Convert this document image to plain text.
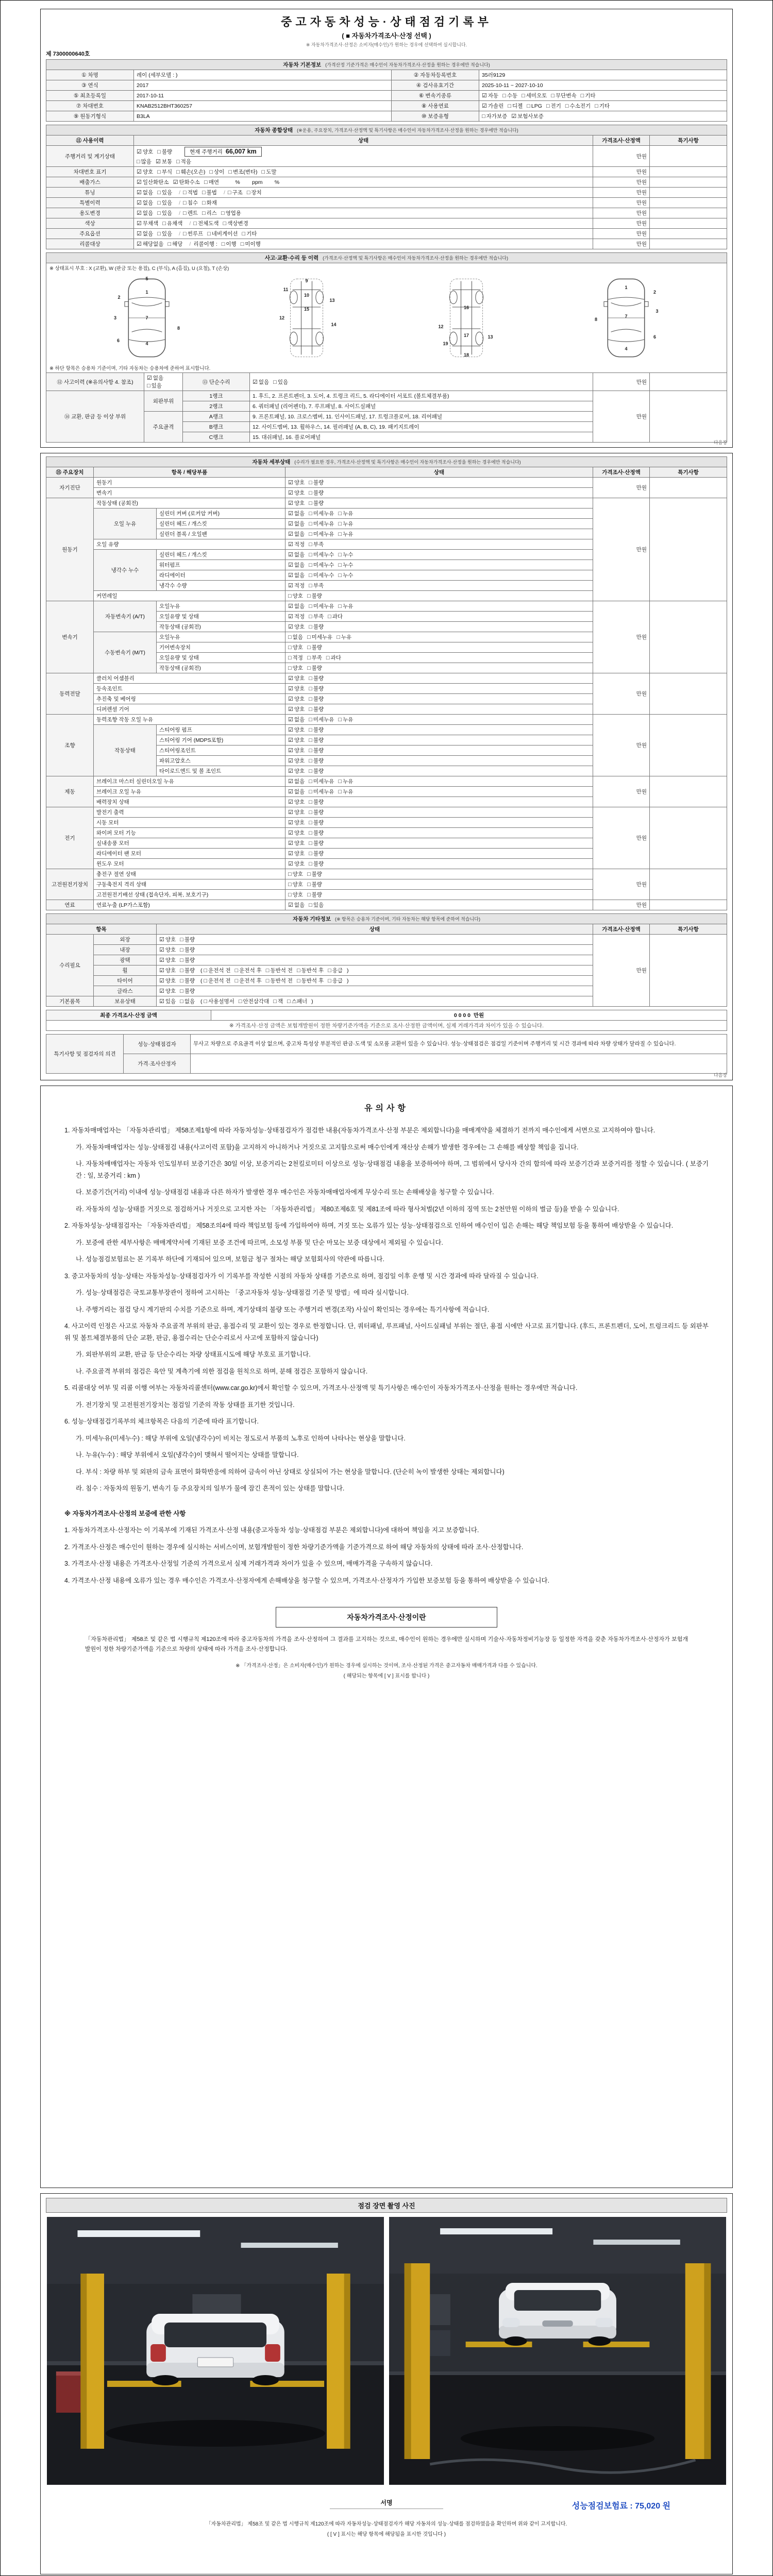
중고자동차성능·상태점검기록부
( ■ 자동차가격조사·산정 선택 )
※ 자동차가격조사·산정은 소비자(매수인)가 원하는 경우에 선택하여 실시합니다.
제 7300000640호
자동차 기본정보 (가격산정 기준가격은 매수인이 자동차가격조사·산정을 원하는 경우에만 적습니다)			
① 차명	레이 (세부모델 : )	② 자동차등록번호	35러9129
③ 연식	2017	④ 검사유효기간	2025-10-11 ~ 2027-10-10
⑤ 최초등록일	2017-10-11	⑥ 변속기종류	☑ 자동 □ 수동 □ 세미오토 □ 무단변속 □ 기타
⑦ 차대번호	KNAB2512BHT360257	⑧ 사용연료	☑ 가솔린 □ 디젤 □ LPG □ 전기 □ 수소전기 □ 기타
⑨ 원동기형식	B3LA	⑩ 보증유형	□ 자가보증 ☑ 보험사보증
자동차 종합상태 (※운용, 주요장치, 가격조사·산정액 및 특기사항은 매수인이 자동차가격조사·산정을 원하는 경우에만 적습니다)			
⑪ 사용이력	상태	가격조사·산정액	특기사항
주행거리 및 계기상태	☑ 양호 □ 불량 현재 주행거리 66,007 km
□ 많음 ☑ 보통 □ 적음	만원	
차대번호 표기	☑ 양호 □ 부식 □ 훼손(오손) □ 상이 □ 변조(변타) □ 도말	만원	
배출가스	☑ 일산화탄소 ☑ 탄화수소 □ 매연        %        ppm        %	만원	
튜닝	☑ 없음 □ 있음 / □ 적법 □ 불법 / □ 구조 □ 장치	만원	
특별이력	☑ 없음 □ 있음 / □ 침수 □ 화재	만원	
용도변경	☑ 없음 □ 있음 / □ 렌트 □ 리스 □ 영업용	만원	
색상	☑ 무채색 □ 유채색 / □ 전체도색 □ 색상변경	만원	
주요옵션	☑ 없음 □ 있음 / □ 썬루프 □ 네비게이션 □ 기타	만원	
리콜대상	☑ 해당없음 □ 해당 / 리콜이행 : □ 이행 □ 미이행	만원	
사고·교환·수리 등 이력 (가격조사·산정액 및 특기사항은 매수인이 자동차가격조사·산정을 원하는 경우에만 적습니다)					

※ 상태표시 부호 : X (교환), W (판금 또는 용접), C (부식), A (흠집), U (요철), T (손상)
1
2
3	7
6
4
5
8
9
10
11
12
13
14
15	16
17
18
19
13
12
4
6
7
3
2
1
8
※ 하단 항목은 승용차 기준이며, 기타 자동차는 승용차에 준하여 표시합니다.

⑫ 사고이력 (※유의사항 4. 참조)	☑ 없음□ 있음	⑬ 단순수리	☑ 없음 □ 있음	만원	
⑭ 교환, 판금 등 이상 부위	외판부위	1랭크	1. 후드, 2. 프론트펜더, 3. 도어, 4. 트렁크 리드, 5. 라디에이터 서포트 (볼트체결부품)	만원	
		2랭크	6. 쿼터패널 (리어펜더), 7. 루프패널, 8. 사이드실패널		
	주요골격	A랭크	9. 프론트패널, 10. 크로스멤버, 11. 인사이드패널, 17. 트렁크플로어, 18. 리어패널		
		B랭크	12. 사이드멤버, 13. 휠하우스, 14. 필러패널 (A, B, C), 19. 패키지트레이		
		C랭크	15. 대쉬패널, 16. 플로어패널		
다음장
자동차 세부상태 (수리가 필요한 경우, 가격조사·산정액 및 특기사항은 매수인이 자동차가격조사·산정을 원하는 경우에만 적습니다)					
⑮ 주요장치	항목 / 해당부품		상태	가격조사·산정액	특기사항
자기진단	원동기		☑ 양호 □ 불량	만원	
	변속기		☑ 양호 □ 불량		
원동기	작동상태 (공회전)		☑ 양호 □ 불량	만원	
	오일 누유	실린더 커버 (로커암 커버)	☑ 없음 □ 미세누유 □ 누유		
		실린더 헤드 / 개스킷	☑ 없음 □ 미세누유 □ 누유		
		실린더 블록 / 오일팬	☑ 없음 □ 미세누유 □ 누유		
	오일 유량		☑ 적정 □ 부족		
	냉각수 누수	실린더 헤드 / 개스킷	☑ 없음 □ 미세누수 □ 누수		
		워터펌프	☑ 없음 □ 미세누수 □ 누수		
		라디에이터	☑ 없음 □ 미세누수 □ 누수		
		냉각수 수량	☑ 적정 □ 부족		
	커먼레일		□ 양호 □ 불량		
변속기	자동변속기 (A/T)	오일누유	☑ 없음 □ 미세누유 □ 누유	만원	
		오일유량 및 상태	☑ 적정 □ 부족 □ 과다		
		작동상태 (공회전)	☑ 양호 □ 불량		
	수동변속기 (M/T)	오일누유	□ 없음 □ 미세누유 □ 누유		
		기어변속장치	□ 양호 □ 불량		
		오일유량 및 상태	□ 적정 □ 부족 □ 과다		
		작동상태 (공회전)	□ 양호 □ 불량		
동력전달	클러치 어셈블리		☑ 양호 □ 불량	만원	
	등속조인트		☑ 양호 □ 불량		
	추진축 및 베어링		☑ 양호 □ 불량		
	디퍼렌셜 기어		☑ 양호 □ 불량		
조향	동력조향 작동 오일 누유		☑ 없음 □ 미세누유 □ 누유	만원	
	작동상태	스티어링 펌프	☑ 양호 □ 불량		
		스티어링 기어 (MDPS포함)	☑ 양호 □ 불량		
		스티어링조인트	☑ 양호 □ 불량		
		파워고압호스	☑ 양호 □ 불량		
		타이로드엔드 및 볼 조인트	☑ 양호 □ 불량		
제동	브레이크 마스터 실린더오일 누유		☑ 없음 □ 미세누유 □ 누유	만원	
	브레이크 오일 누유		☑ 없음 □ 미세누유 □ 누유		
	배력장치 상태		☑ 양호 □ 불량		
전기	발전기 출력		☑ 양호 □ 불량	만원	
	시동 모터		☑ 양호 □ 불량		
	와이퍼 모터 기능		☑ 양호 □ 불량		
	실내송풍 모터		☑ 양호 □ 불량		
	라디에이터 팬 모터		☑ 양호 □ 불량		
	윈도우 모터		☑ 양호 □ 불량		
고전원전기장치	충전구 절연 상태		□ 양호 □ 불량	만원	
	구동축전지 격리 상태		□ 양호 □ 불량		
	고전원전기배선 상태 (접속단자, 피복, 보호기구)		□ 양호 □ 불량		
연료	연료누출 (LP가스포함)		☑ 없음 □ 있음	만원	
자동차 기타정보 (※ 항목은 승용차 기준이며, 기타 자동차는 해당 항목에 준하여 적습니다)				
항목		상태	가격조사·산정액	특기사항
수리필요	외장	☑ 양호 □ 불량	만원	
	내장	☑ 양호 □ 불량		
	광택	☑ 양호 □ 불량		
	휠	☑ 양호 □ 불량 ( □ 운전석 전 □ 운전석 후 □ 동반석 전 □ 동반석 후 □ 응급 )		
	타이어	☑ 양호 □ 불량 ( □ 운전석 전 □ 운전석 후 □ 동반석 전 □ 동반석 후 □ 응급 )		
	글라스	☑ 양호 □ 불량		
기본품목	보유상태	☑ 있음 □ 없음 ( □ 사용설명서 □ 안전삼각대 □ 잭 □ 스패너 )		
최종 가격조사·산정 금액	0 0 0 0  만원
※ 가격조사·산정 금액은 보험개발원이 정한 차량기준가액을 기준으로 조사·산정한 금액이며, 실제 거래가격과 차이가 있을 수 있습니다.
특기사항 및 점검자의 의견	성능·상태점검자	무사고 차량으로 주요골격 이상 없으며, 중고차 특성상 부분적인 판금·도색 및 소모품 교환이 있을 수 있습니다. 성능·상태점검은 점검일 기준이며 주행거리 및 시간 경과에 따라 차량 상태가 달라질 수 있습니다.
	가격·조사산정자	
다음장
유의사항
1. 자동차매매업자는 「자동차관리법」 제58조제1항에 따라 자동차성능·상태점검자가 점검한 내용(자동차가격조사·산정 부분은 제외합니다)을 매매계약을 체결하기 전까지 매수인에게 서면으로 고지하여야 합니다.
가. 자동차매매업자는 성능·상태점검 내용(사고이력 포함)을 고지하지 아니하거나 거짓으로 고지함으로써 매수인에게 재산상 손해가 발생한 경우에는 그 손해를 배상할 책임을 집니다.
나. 자동차매매업자는 자동차 인도일부터 보증기간은 30일 이상, 보증거리는 2천킬로미터 이상으로 성능·상태점검 내용을 보증하여야 하며, 그 범위에서 당사자 간의 합의에 따라 보증기간과 보증거리를 정할 수 있습니다. ( 보증기간 : 일, 보증거리 : km )
다. 보증기간(거리) 이내에 성능·상태점검 내용과 다른 하자가 발생한 경우 매수인은 자동차매매업자에게 무상수리 또는 손해배상을 청구할 수 있습니다.
라. 자동차의 성능·상태를 거짓으로 점검하거나 거짓으로 고지한 자는 「자동차관리법」 제80조제6호 및 제81조에 따라 형사처벌(2년 이하의 징역 또는 2천만원 이하의 벌금 등)을 받을 수 있습니다.
2. 자동차성능·상태점검자는 「자동차관리법」 제58조의4에 따라 책임보험 등에 가입하여야 하며, 거짓 또는 오류가 있는 성능·상태점검으로 인하여 매수인이 입은 손해는 해당 책임보험 등을 통하여 배상받을 수 있습니다.
가. 보증에 관한 세부사항은 매매계약서에 기재된 보증 조건에 따르며, 소모성 부품 및 단순 마모는 보증 대상에서 제외될 수 있습니다.
나. 성능점검보험료는 본 기록부 하단에 기재되어 있으며, 보험금 청구 절차는 해당 보험회사의 약관에 따릅니다.
3. 중고자동차의 성능·상태는 자동차성능·상태점검자가 이 기록부를 작성한 시점의 자동차 상태를 기준으로 하며, 점검일 이후 운행 및 시간 경과에 따라 달라질 수 있습니다.
가. 성능·상태점검은 국토교통부장관이 정하여 고시하는 「중고자동차 성능·상태점검 기준 및 방법」에 따라 실시합니다.
나. 주행거리는 점검 당시 계기판의 수치를 기준으로 하며, 계기상태의 불량 또는 주행거리 변경(조작) 사실이 확인되는 경우에는 특기사항에 적습니다.
4. 사고이력 인정은 사고로 자동차 주요골격 부위의 판금, 용접수리 및 교환이 있는 경우로 한정합니다. 단, 쿼터패널, 루프패널, 사이드실패널 부위는 절단, 용접 시에만 사고로 표기합니다. (후드, 프론트펜더, 도어, 트렁크리드 등 외판부위 및 볼트체결부품의 단순 교환, 판금, 용접수리는 단순수리로서 사고에 포함하지 않습니다)
가. 외판부위의 교환, 판금 등 단순수리는 차량 상태표시도에 해당 부호로 표기합니다.
나. 주요골격 부위의 점검은 육안 및 계측기에 의한 점검을 원칙으로 하며, 분해 점검은 포함하지 않습니다.
5. 리콜대상 여부 및 리콜 이행 여부는 자동차리콜센터(www.car.go.kr)에서 확인할 수 있으며, 가격조사·산정액 및 특기사항은 매수인이 자동차가격조사·산정을 원하는 경우에만 적습니다.
가. 전기장치 및 고전원전기장치는 점검일 기준의 작동 상태를 표기한 것입니다.
6. 성능·상태점검기록부의 체크항목은 다음의 기준에 따라 표기합니다.
가. 미세누유(미세누수) : 해당 부위에 오일(냉각수)이 비치는 정도로서 부품의 노후로 인하여 나타나는 현상을 말합니다.
나. 누유(누수) : 해당 부위에서 오일(냉각수)이 맺혀서 떨어지는 상태를 말합니다.
다. 부식 : 차량 하부 및 외판의 금속 표면이 화학반응에 의하여 금속이 아닌 상태로 상실되어 가는 현상을 말합니다. (단순히 녹이 발생한 상태는 제외합니다)
라. 침수 : 자동차의 원동기, 변속기 등 주요장치의 일부가 물에 잠긴 흔적이 있는 상태를 말합니다.
※ 자동차가격조사·산정의 보증에 관한 사항
1. 자동차가격조사·산정자는 이 기록부에 기재된 가격조사·산정 내용(중고자동차 성능·상태점검 부분은 제외합니다)에 대하여 책임을 지고 보증합니다.
2. 가격조사·산정은 매수인이 원하는 경우에 실시하는 서비스이며, 보험개발원이 정한 차량기준가액을 기준가격으로 하여 해당 자동차의 상태에 따라 조사·산정합니다.
3. 가격조사·산정 내용은 가격조사·산정일 기준의 가격으로서 실제 거래가격과 차이가 있을 수 있으며, 매매가격을 구속하지 않습니다.
4. 가격조사·산정 내용에 오류가 있는 경우 매수인은 가격조사·산정자에게 손해배상을 청구할 수 있으며, 가격조사·산정자가 가입한 보증보험 등을 통하여 배상받을 수 있습니다.
자동차가격조사·산정이란
「자동차관리법」 제58조 및 같은 법 시행규칙 제120조에 따라 중고자동차의 가격을 조사·산정하여 그 결과를 고지하는 것으로, 매수인이 원하는 경우에만 실시하며 기술사·자동차정비기능장 등 일정한 자격을 갖춘 자동차가격조사·산정자가 보험개발원이 정한 차량기준가액을 기준으로 차량의 상태에 따라 가격을 조사·산정합니다.
※ 「가격조사·산정」은 소비자(매수인)가 원하는 경우에 실시하는 것이며, 조사·산정된 가격은 중고자동차 매매가격과 다를 수 있습니다.
( 해당되는 항목에 [ V ] 표시를 합니다 )
점검 장면 촬영 사진
서명	성능점검보험료 : 75,020 원
「자동차관리법」 제58조 및 같은 법 시행규칙 제120조에 따라 자동차성능·상태점검자가 해당 자동차의 성능·상태를 점검하였음을 확인하며 위와 같이 고지합니다.
( [ V ] 표시는 해당 항목에 해당됨을 표시한 것입니다 )
